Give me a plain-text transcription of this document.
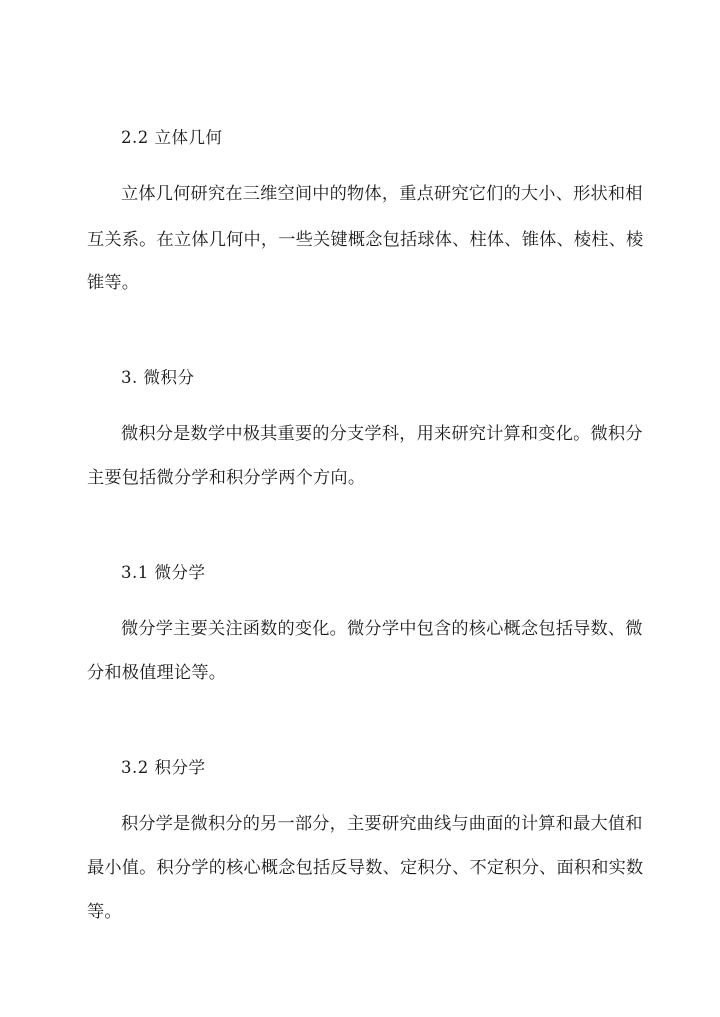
2.2 立体几何
立体几何研究在三维空间中的物体，重点研究它们的大小、形状和相
互关系。在立体几何中，一些关键概念包括球体、柱体、锥体、棱柱、棱
锥等。
3. 微积分
微积分是数学中极其重要的分支学科，用来研究计算和变化。微积分
主要包括微分学和积分学两个方向。
3.1 微分学
微分学主要关注函数的变化。微分学中包含的核心概念包括导数、微
分和极值理论等。
3.2 积分学
积分学是微积分的另一部分，主要研究曲线与曲面的计算和最大值和
最小值。积分学的核心概念包括反导数、定积分、不定积分、面积和实数
等。
